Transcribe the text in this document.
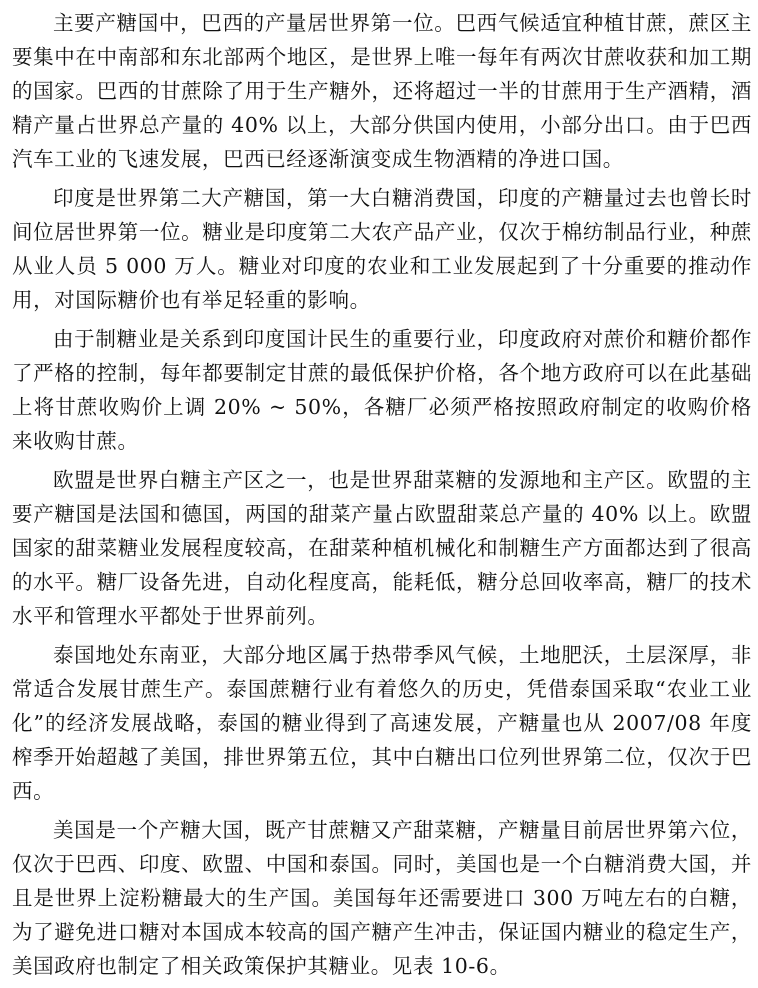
主要产糖国中，巴西的产量居世界第一位。巴西气候适宜种植甘蔗，蔗区主要集中在中南部和东北部两个地区，是世界上唯一每年有两次甘蔗收获和加工期的国家。巴西的甘蔗除了用于生产糖外，还将超过一半的甘蔗用于生产酒精，酒精产量占世界总产量的 40% 以上，大部分供国内使用，小部分出口。由于巴西汽车工业的飞速发展，巴西已经逐渐演变成生物酒精的净进口国。

印度是世界第二大产糖国，第一大白糖消费国，印度的产糖量过去也曾长时间位居世界第一位。糖业是印度第二大农产品产业，仅次于棉纺制品行业，种蔗从业人员 5 000 万人。糖业对印度的农业和工业发展起到了十分重要的推动作用，对国际糖价也有举足轻重的影响。

由于制糖业是关系到印度国计民生的重要行业，印度政府对蔗价和糖价都作了严格的控制，每年都要制定甘蔗的最低保护价格，各个地方政府可以在此基础上将甘蔗收购价上调 20% ~ 50%，各糖厂必须严格按照政府制定的收购价格来收购甘蔗。

欧盟是世界白糖主产区之一，也是世界甜菜糖的发源地和主产区。欧盟的主要产糖国是法国和德国，两国的甜菜产量占欧盟甜菜总产量的 40% 以上。欧盟国家的甜菜糖业发展程度较高，在甜菜种植机械化和制糖生产方面都达到了很高的水平。糖厂设备先进，自动化程度高，能耗低，糖分总回收率高，糖厂的技术水平和管理水平都处于世界前列。

泰国地处东南亚，大部分地区属于热带季风气候，土地肥沃，土层深厚，非常适合发展甘蔗生产。泰国蔗糖行业有着悠久的历史，凭借泰国采取“农业工业化”的经济发展战略，泰国的糖业得到了高速发展，产糖量也从 2007/08 年度榨季开始超越了美国，排世界第五位，其中白糖出口位列世界第二位，仅次于巴西。

美国是一个产糖大国，既产甘蔗糖又产甜菜糖，产糖量目前居世界第六位，仅次于巴西、印度、欧盟、中国和泰国。同时，美国也是一个白糖消费大国，并且是世界上淀粉糖最大的生产国。美国每年还需要进口 300 万吨左右的白糖，为了避免进口糖对本国成本较高的国产糖产生冲击，保证国内糖业的稳定生产，美国政府也制定了相关政策保护其糖业。见表 10-6。
